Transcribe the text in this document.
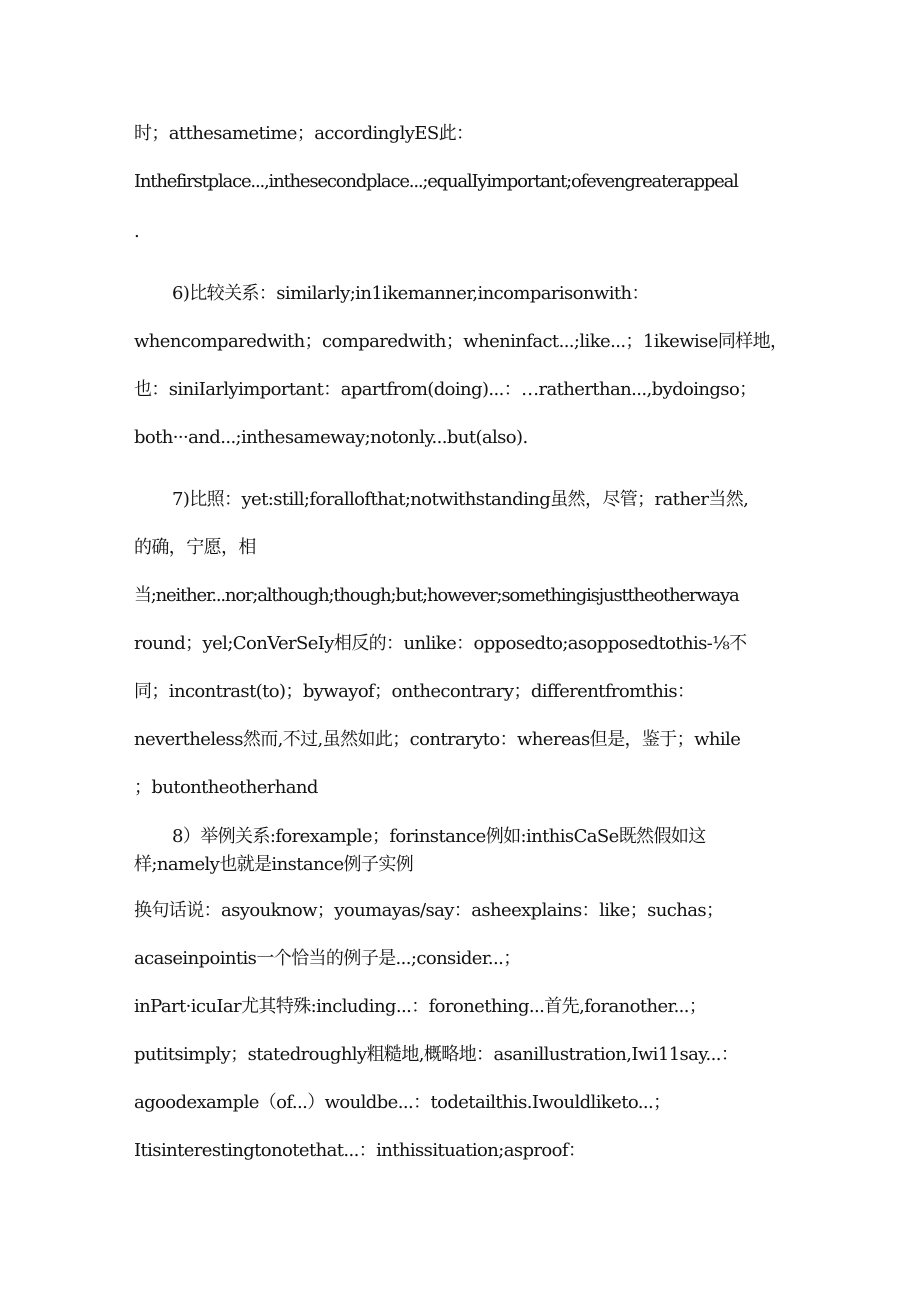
时；atthesametime；accordinglyES此：

Inthefirstplace...,inthesecondplace...;equalIyimportant;ofevengreaterappeal

.

6)比较关系：similarly;in1ikemanner,incomparisonwith：

whencomparedwith；comparedwith；wheninfact...;like...；1ikewise同样地，

也：siniIarlyimportant：apartfrom(doing)...：…ratherthan...,bydoingso；

both···and...;inthesameway;notonly...but(also).

7)比照：yet:still;forallofthat;notwithstanding虽然，尽管；rather当然,

的确，宁愿，相

当;neither...nor;although;though;but;however;somethingisjusttheotherwaya

round；yel;ConVerSeIy相反的：unlike：opposedto;asopposedtothis-⅛不

同；incontrast(to)；bywayof；onthecontrary；differentfromthis：

nevertheless然而,不过,虽然如此；contraryto：whereas但是，鉴于；while

；butontheotherhand

8）举例关系:forexample；forinstance例如:inthisCaSe既然假如这

样;namely也就是instance例子实例

换句话说：asyouknow；youmayas/say：asheexplains：like；suchas；

acaseinpointis一个恰当的例子是...;consider...；

inPart·icuIar尤其特殊:including...：foronething...首先,foranother...；

putitsimply；statedroughly粗糙地,概略地：asanillustration,Iwi11say...：

agoodexample（of...）wouldbe...：todetailthis.Iwouldliketo...；

Itisinterestingtonotethat...：inthissituation;asproof：
